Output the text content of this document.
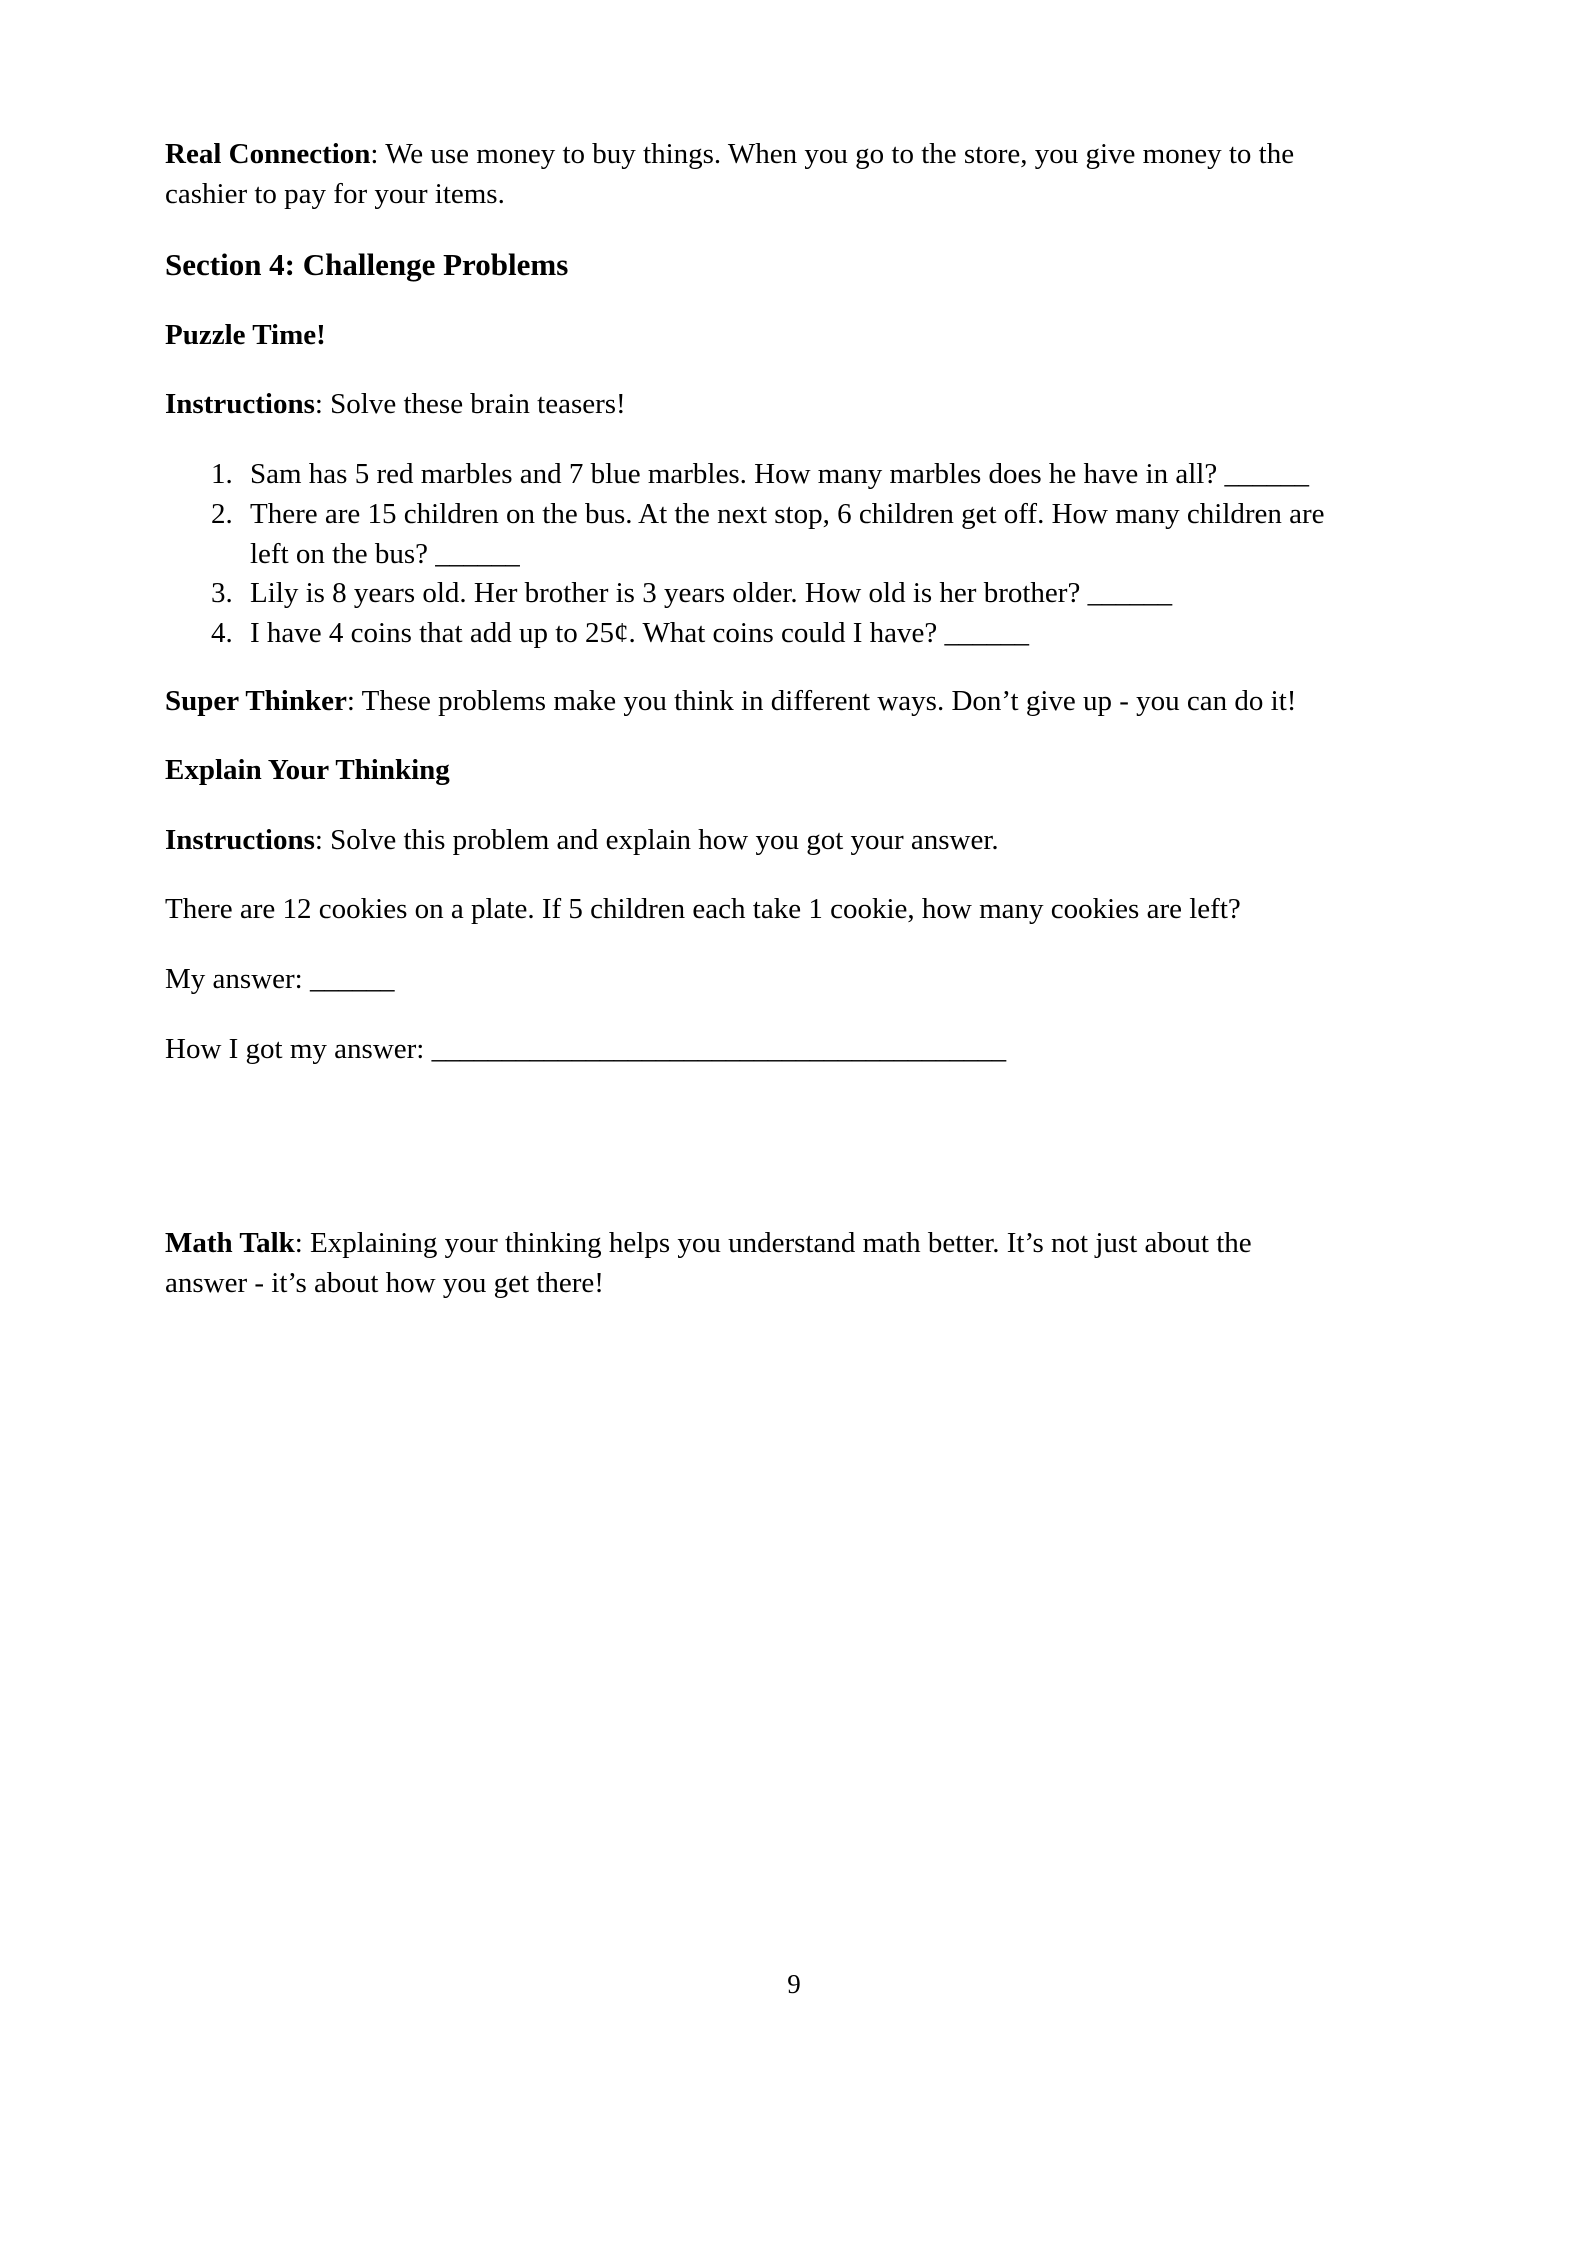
Real Connection: We use money to buy things. When you go to the store, you give money to the cashier to pay for your items.

Section 4: Challenge Problems
Puzzle Time!

Instructions: Solve these brain teasers!

1. Sam has 5 red marbles and 7 blue marbles. How many marbles does he have in all? ______
2. There are 15 children on the bus. At the next stop, 6 children get off. How many children are left on the bus? ______
3. Lily is 8 years old. Her brother is 3 years older. How old is her brother? ______
4. I have 4 coins that add up to 25¢. What coins could I have? ______

Super Thinker: These problems make you think in different ways. Don’t give up - you can do it!

Explain Your Thinking

Instructions: Solve this problem and explain how you got your answer.

There are 12 cookies on a plate. If 5 children each take 1 cookie, how many cookies are left?

My answer: ______

How I got my answer: _________________________________________

Math Talk: Explaining your thinking helps you understand math better. It’s not just about the answer - it’s about how you get there!

9
